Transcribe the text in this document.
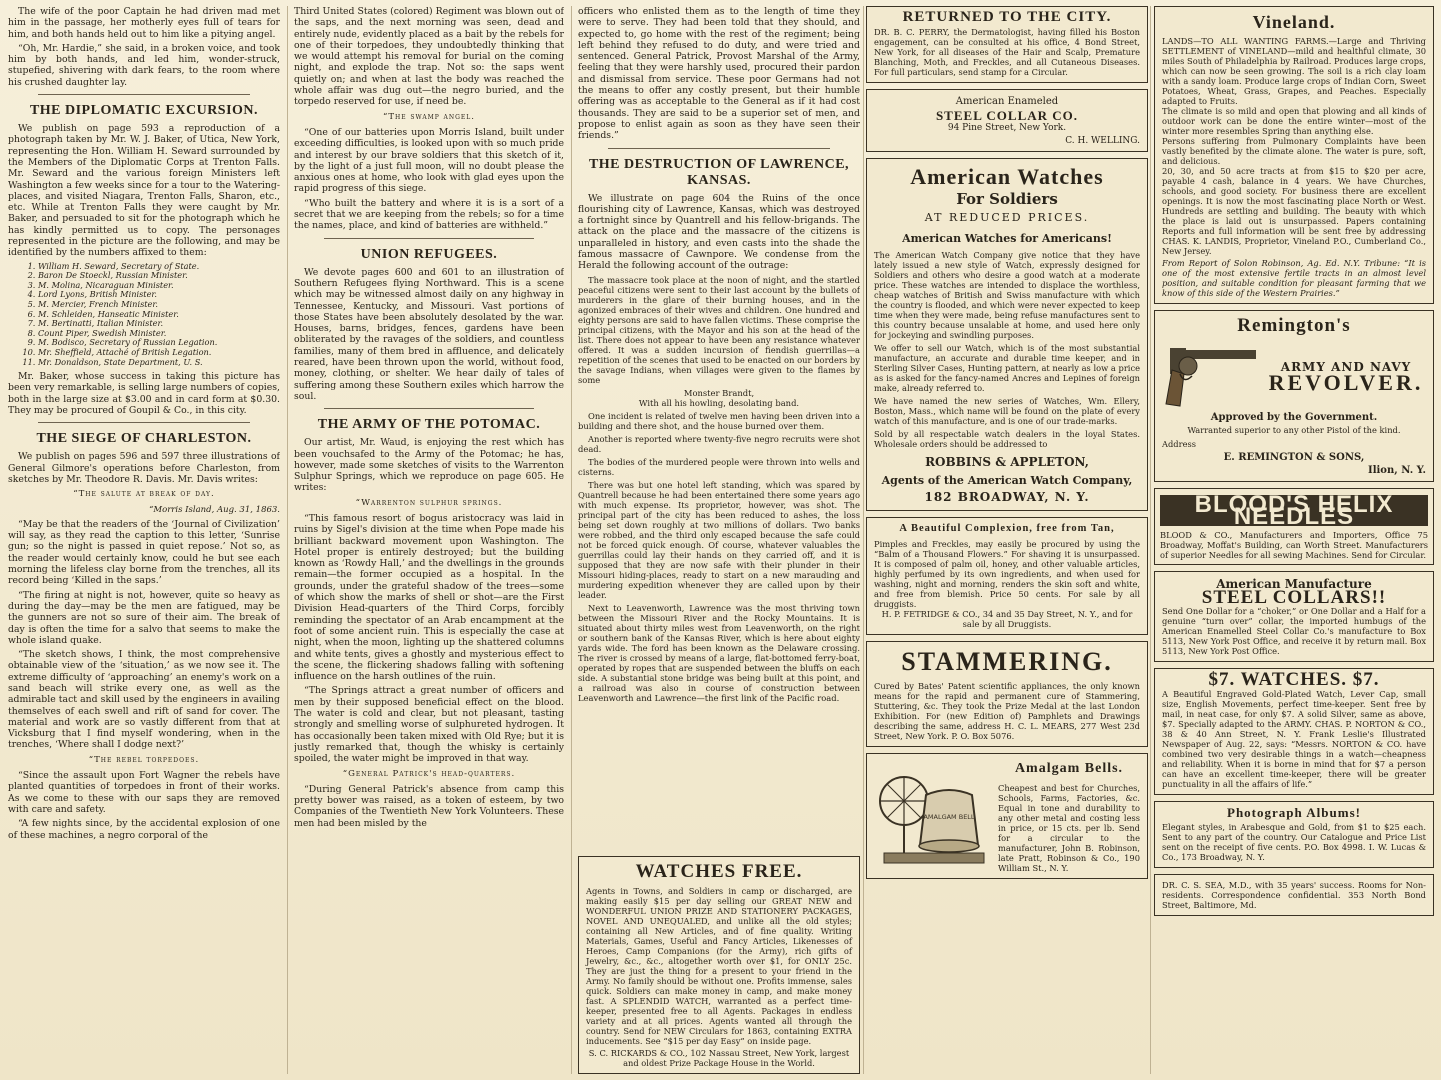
The wife of the poor Captain he had driven mad met him in the passage, her motherly eyes full of tears for him, and both hands held out to him like a pitying angel.

“Oh, Mr. Hardie,” she said, in a broken voice, and took him by both hands, and led him, wonder-struck, stupefied, shivering with dark fears, to the room where his crushed daughter lay.

THE DIPLOMATIC EXCURSION.

We publish on page 593 a reproduction of a photograph taken by Mr. W. J. Baker, of Utica, New York, representing the Hon. William H. Seward surrounded by the Members of the Diplomatic Corps at Trenton Falls. Mr. Seward and the various foreign Ministers left Washington a few weeks since for a tour to the Watering-places, and visited Niagara, Trenton Falls, Sharon, etc., etc. While at Trenton Falls they were caught by Mr. Baker, and persuaded to sit for the photograph which he has kindly permitted us to copy. The personages represented in the picture are the following, and may be identified by the numbers affixed to them:

1. William H. Seward, Secretary of State.
2. Baron De Stoeckl, Russian Minister.
3. M. Molina, Nicaraguan Minister.
4. Lord Lyons, British Minister.
5. M. Mercier, French Minister.
6. M. Schleiden, Hanseatic Minister.
7. M. Bertinatti, Italian Minister.
8. Count Piper, Swedish Minister.
9. M. Bodisco, Secretary of Russian Legation.
10. Mr. Sheffield, Attaché of British Legation.
11. Mr. Donaldson, State Department, U. S.

Mr. Baker, whose success in taking this picture has been very remarkable, is selling large numbers of copies, both in the large size at $3.00 and in card form at $0.30. They may be procured of Goupil & Co., in this city.

THE SIEGE OF CHARLESTON.

We publish on pages 596 and 597 three illustrations of General Gilmore's operations before Charleston, from sketches by Mr. Theodore R. Davis. Mr. Davis writes:

“The salute at break of day.
“Morris Island, Aug. 31, 1863.

“May be that the readers of the ‘Journal of Civilization’ will say, as they read the caption to this letter, ‘Sunrise gun; so the night is passed in quiet repose.’ Not so, as the reader would certainly know, could he but see each morning the lifeless clay borne from the trenches, all its record being ‘Killed in the saps.’

“The firing at night is not, however, quite so heavy as during the day—may be the men are fatigued, may be the gunners are not so sure of their aim. The break of day is often the time for a salvo that seems to make the whole island quake.

“The sketch shows, I think, the most comprehensive obtainable view of the ‘situation,’ as we now see it. The extreme difficulty of ‘approaching’ an enemy's work on a sand beach will strike every one, as well as the admirable tact and skill used by the engineers in availing themselves of each swell and rift of sand for cover. The material and work are so vastly different from that at Vicksburg that I find myself wondering, when in the trenches, ‘Where shall I dodge next?’

“The rebel torpedoes.

“Since the assault upon Fort Wagner the rebels have planted quantities of torpedoes in front of their works. As we come to these with our saps they are removed with care and safety.

“A few nights since, by the accidental explosion of one of these machines, a negro corporal of the

Third United States (colored) Regiment was blown out of the saps, and the next morning was seen, dead and entirely nude, evidently placed as a bait by the rebels for one of their torpedoes, they undoubtedly thinking that we would attempt his removal for burial on the coming night, and explode the trap. Not so: the saps went quietly on; and when at last the body was reached the whole affair was dug out—the negro buried, and the torpedo reserved for use, if need be.

“The swamp angel.

“One of our batteries upon Morris Island, built under exceeding difficulties, is looked upon with so much pride and interest by our brave soldiers that this sketch of it, by the light of a just full moon, will no doubt please the anxious ones at home, who look with glad eyes upon the rapid progress of this siege.

“Who built the battery and where it is is a sort of a secret that we are keeping from the rebels; so for a time the names, place, and kind of batteries are withheld.”

UNION REFUGEES.

We devote pages 600 and 601 to an illustration of Southern Refugees flying Northward. This is a scene which may be witnessed almost daily on any highway in Tennessee, Kentucky, and Missouri. Vast portions of those States have been absolutely desolated by the war. Houses, barns, bridges, fences, gardens have been obliterated by the ravages of the soldiers, and countless families, many of them bred in affluence, and delicately reared, have been thrown upon the world, without food, money, clothing, or shelter. We hear daily of tales of suffering among these Southern exiles which harrow the soul.

THE ARMY OF THE POTOMAC.

Our artist, Mr. Waud, is enjoying the rest which has been vouchsafed to the Army of the Potomac; he has, however, made some sketches of visits to the Warrenton Sulphur Springs, which we reproduce on page 605. He writes:

“Warrenton sulphur springs.

“This famous resort of bogus aristocracy was laid in ruins by Sigel's division at the time when Pope made his brilliant backward movement upon Washington. The Hotel proper is entirely destroyed; but the building known as ‘Rowdy Hall,’ and the dwellings in the grounds remain—the former occupied as a hospital. In the grounds, under the grateful shadow of the trees—some of which show the marks of shell or shot—are the First Division Head-quarters of the Third Corps, forcibly reminding the spectator of an Arab encampment at the foot of some ancient ruin. This is especially the case at night, when the moon, lighting up the shattered columns and white tents, gives a ghostly and mysterious effect to the scene, the flickering shadows falling with softening influence on the harsh outlines of the ruin.

“The Springs attract a great number of officers and men by their supposed beneficial effect on the blood. The water is cold and clear, but not pleasant, tasting strongly and smelling worse of sulphureted hydrogen. It has occasionally been taken mixed with Old Rye; but it is justly remarked that, though the whisky is certainly spoiled, the water might be improved in that way.

“General Patrick's head-quarters.

“During General Patrick's absence from camp this pretty bower was raised, as a token of esteem, by two Companies of the Twentieth New York Volunteers. These men had been misled by the

officers who enlisted them as to the length of time they were to serve. They had been told that they should, and expected to, go home with the rest of the regiment; being left behind they refused to do duty, and were tried and sentenced. General Patrick, Provost Marshal of the Army, feeling that they were harshly used, procured their pardon and dismissal from service. These poor Germans had not the means to offer any costly present, but their humble offering was as acceptable to the General as if it had cost thousands. They are said to be a superior set of men, and propose to enlist again as soon as they have seen their friends.”

THE DESTRUCTION OF LAWRENCE, KANSAS.

We illustrate on page 604 the Ruins of the once flourishing city of Lawrence, Kansas, which was destroyed a fortnight since by Quantrell and his fellow-brigands. The attack on the place and the massacre of the citizens is unparalleled in history, and even casts into the shade the famous massacre of Cawnpore. We condense from the Herald the following account of the outrage:

The massacre took place at the noon of night, and the startled peaceful citizens were sent to their last account by the bullets of murderers in the glare of their burning houses, and in the agonized embraces of their wives and children. One hundred and eighty persons are said to have fallen victims. These comprise the principal citizens, with the Mayor and his son at the head of the list. There does not appear to have been any resistance whatever offered. It was a sudden incursion of fiendish guerrillas—a repetition of the scenes that used to be enacted on our borders by the savage Indians, when villages were given to the flames by some

Monster Brandt,
With all his howling, desolating band.

One incident is related of twelve men having been driven into a building and there shot, and the house burned over them.

Another is reported where twenty-five negro recruits were shot dead.

The bodies of the murdered people were thrown into wells and cisterns.

There was but one hotel left standing, which was spared by Quantrell because he had been entertained there some years ago with much expense. Its proprietor, however, was shot. The principal part of the city has been reduced to ashes, the loss being set down roughly at two millions of dollars. Two banks were robbed, and the third only escaped because the safe could not be forced quick enough. Of course, whatever valuables the guerrillas could lay their hands on they carried off, and it is supposed that they are now safe with their plunder in their Missouri hiding-places, ready to start on a new marauding and murdering expedition whenever they are called upon by their leader.

Next to Leavenworth, Lawrence was the most thriving town between the Missouri River and the Rocky Mountains. It is situated about thirty miles west from Leavenworth, on the right or southern bank of the Kansas River, which is here about eighty yards wide. The ford has been known as the Delaware crossing. The river is crossed by means of a large, flat-bottomed ferry-boat, operated by ropes that are suspended between the bluffs on each side. A substantial stone bridge was being built at this point, and a railroad was also in course of construction between Leavenworth and Lawrence—the first link of the Pacific road.

WATCHES FREE.
Agents in Towns, and Soldiers in camp or discharged, are making easily $15 per day selling our GREAT NEW and WONDERFUL UNION PRIZE AND STATIONERY PACKAGES, NOVEL AND UNEQUALED, and unlike all the old styles; containing all New Articles, and of fine quality. Writing Materials, Games, Useful and Fancy Articles, Likenesses of Heroes, Camp Companions (for the Army), rich gifts of Jewelry, &c., &c., altogether worth over $1, for ONLY 25c. They are just the thing for a present to your friend in the Army. No family should be without one. Profits immense, sales quick. Soldiers can make money in camp, and make money fast. A SPLENDID WATCH, warranted as a perfect time-keeper, presented free to all Agents. Packages in endless variety and at all prices. Agents wanted all through the country. Send for NEW Circulars for 1863, containing EXTRA inducements. See “$15 per day Easy” on inside page.
S. C. RICKARDS & CO., 102 Nassau Street, New York, largest and oldest Prize Package House in the World.
RETURNED TO THE CITY.
DR. B. C. PERRY, the Dermatologist, having filled his Boston engagement, can be consulted at his office, 4 Bond Street, New York, for all diseases of the Hair and Scalp, Premature Blanching, Moth, and Freckles, and all Cutaneous Diseases. For full particulars, send stamp for a Circular.
American Enameled
STEEL COLLAR CO.
94 Pine Street, New York.
C. H. WELLING.
American Watches
For Soldiers
AT REDUCED PRICES.
American Watches for Americans!
The American Watch Company give notice that they have lately issued a new style of Watch, expressly designed for Soldiers and others who desire a good watch at a moderate price. These watches are intended to displace the worthless, cheap watches of British and Swiss manufacture with which the country is flooded, and which were never expected to keep time when they were made, being refuse manufactures sent to this country because unsalable at home, and used here only for jockeying and swindling purposes.
We offer to sell our Watch, which is of the most substantial manufacture, an accurate and durable time keeper, and in Sterling Silver Cases, Hunting pattern, at nearly as low a price as is asked for the fancy-named Ancres and Lepines of foreign make, already referred to.
We have named the new series of Watches, Wm. Ellery, Boston, Mass., which name will be found on the plate of every watch of this manufacture, and is one of our trade-marks.
Sold by all respectable watch dealers in the loyal States. Wholesale orders should be addressed to
ROBBINS & APPLETON,
Agents of the American Watch Company,
182 BROADWAY, N. Y.
A Beautiful Complexion, free from Tan,
Pimples and Freckles, may easily be procured by using the “Balm of a Thousand Flowers.” For shaving it is unsurpassed. It is composed of palm oil, honey, and other valuable articles, highly perfumed by its own ingredients, and when used for washing, night and morning, renders the skin soft and white, and free from blemish. Price 50 cents. For sale by all druggists.
H. P. FETRIDGE & CO., 34 and 35 Day Street, N. Y., and for sale by all Druggists.
STAMMERING.
Cured by Bates' Patent scientific appliances, the only known means for the rapid and permanent cure of Stammering, Stuttering, &c. They took the Prize Medal at the last London Exhibition. For (new Edition of) Pamphlets and Drawings describing the same, address H. C. L. MEARS, 277 West 23d Street, New York. P. O. Box 5076.
AMALGAM BELL
Amalgam Bells.
Cheapest and best for Churches, Schools, Farms, Factories, &c. Equal in tone and durability to any other metal and costing less in price, or 15 cts. per lb. Send for a circular to the manufacturer, John B. Robinson, late Pratt, Robinson & Co., 190 William St., N. Y.
Vineland.
LANDS—TO ALL WANTING FARMS.—Large and Thriving SETTLEMENT of VINELAND—mild and healthful climate, 30 miles South of Philadelphia by Railroad. Produces large crops, which can now be seen growing. The soil is a rich clay loam with a sandy loam. Produce large crops of Indian Corn, Sweet Potatoes, Wheat, Grass, Grapes, and Peaches. Especially adapted to Fruits.
The climate is so mild and open that plowing and all kinds of outdoor work can be done the entire winter—most of the winter more resembles Spring than anything else.
Persons suffering from Pulmonary Complaints have been vastly benefited by the climate alone. The water is pure, soft, and delicious.
20, 30, and 50 acre tracts at from $15 to $20 per acre, payable 4 cash, balance in 4 years. We have Churches, schools, and good society. For business there are excellent openings. It is now the most fascinating place North or West. Hundreds are settling and building. The beauty with which the place is laid out is unsurpassed. Papers containing Reports and full information will be sent free by addressing CHAS. K. LANDIS, Proprietor, Vineland P.O., Cumberland Co., New Jersey.
From Report of Solon Robinson, Ag. Ed. N.Y. Tribune: “It is one of the most extensive fertile tracts in an almost level position, and suitable condition for pleasant farming that we know of this side of the Western Prairies.”
Remington's
ARMY AND NAVY
REVOLVER.
Approved by the Government.
Warranted superior to any other Pistol of the kind.
Address
E. REMINGTON & SONS,
Ilion, N. Y.
BLOOD'S HELIX NEEDLES
BLOOD & CO., Manufacturers and Importers, Office 75 Broadway, Moffat's Building, can Worth Street. Manufacturers of superior Needles for all sewing Machines. Send for Circular.
American Manufacture
STEEL COLLARS!!
Send One Dollar for a “choker,” or One Dollar and a Half for a genuine “turn over” collar, the imported humbugs of the American Enamelled Steel Collar Co.'s manufacture to Box 5113, New York Post Office, and receive it by return mail. Box 5113, New York Post Office.
$7. WATCHES. $7.
A Beautiful Engraved Gold-Plated Watch, Lever Cap, small size, English Movements, perfect time-keeper. Sent free by mail, in neat case, for only $7. A solid Silver, same as above, $7. Specially adapted to the ARMY. CHAS. P. NORTON & CO., 38 & 40 Ann Street, N. Y. Frank Leslie's Illustrated Newspaper of Aug. 22, says: “Messrs. NORTON & CO. have combined two very desirable things in a watch—cheapness and reliability. When it is borne in mind that for $7 a person can have an excellent time-keeper, there will be greater punctuality in all the affairs of life.”
Photograph Albums!
Elegant styles, in Arabesque and Gold, from $1 to $25 each. Sent to any part of the country. Our Catalogue and Price List sent on the receipt of five cents. P.O. Box 4998. I. W. Lucas & Co., 173 Broadway, N. Y.
DR. C. S. SEA, M.D., with 35 years' success. Rooms for Non-residents. Correspondence confidential. 353 North Bond Street, Baltimore, Md.
